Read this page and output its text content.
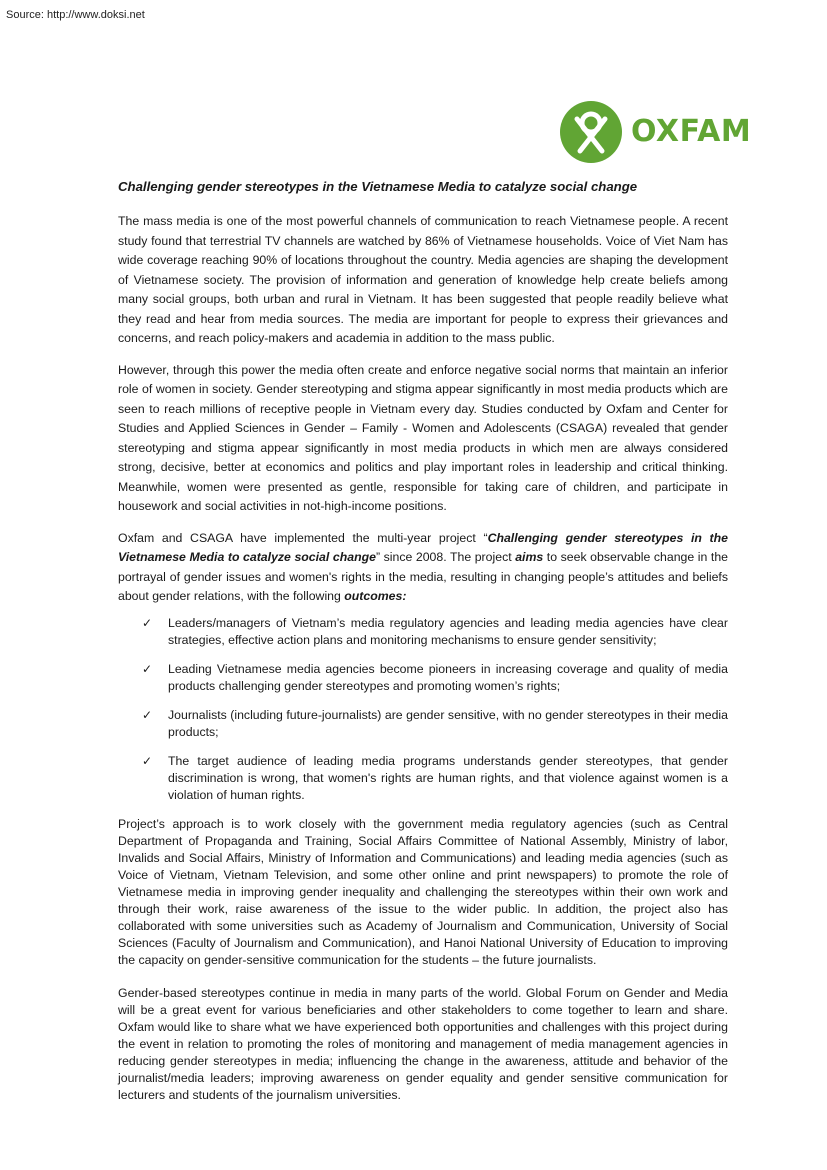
Source: http://www.doksi.net
OXFAM
Challenging gender stereotypes in the Vietnamese Media to catalyze social change

The mass media is one of the most powerful channels of communication to reach Vietnamese people. A recent study found that terrestrial TV channels are watched by 86% of Vietnamese households. Voice of Viet Nam has wide coverage reaching 90% of locations throughout the country. Media agencies are shaping the development of Vietnamese society. The provision of information and generation of knowledge help create beliefs among many social groups, both urban and rural in Vietnam. It has been suggested that people readily believe what they read and hear from media sources. The media are important for people to express their grievances and concerns, and reach policy-makers and academia in addition to the mass public.

However, through this power the media often create and enforce negative social norms that maintain an inferior role of women in society. Gender stereotyping and stigma appear significantly in most media products which are seen to reach millions of receptive people in Vietnam every day. Studies conducted by Oxfam and Center for Studies and Applied Sciences in Gender – Family - Women and Adolescents (CSAGA) revealed that gender stereotyping and stigma appear significantly in most media products in which men are always considered strong, decisive, better at economics and politics and play important roles in leadership and critical thinking. Meanwhile, women were presented as gentle, responsible for taking care of children, and participate in housework and social activities in not-high-income positions.

Oxfam and CSAGA have implemented the multi-year project “Challenging gender stereotypes in the Vietnamese Media to catalyze social change” since 2008. The project aims to seek observable change in the portrayal of gender issues and women's rights in the media, resulting in changing people’s attitudes and beliefs about gender relations, with the following outcomes:

✓ Leaders/managers of Vietnam’s media regulatory agencies and leading media agencies have clear strategies, effective action plans and monitoring mechanisms to ensure gender sensitivity;
✓ Leading Vietnamese media agencies become pioneers in increasing coverage and quality of media products challenging gender stereotypes and promoting women’s rights;
✓ Journalists (including future-journalists) are gender sensitive, with no gender stereotypes in their media products;
✓ The target audience of leading media programs understands gender stereotypes, that gender discrimination is wrong, that women's rights are human rights, and that violence against women is a violation of human rights.

Project’s approach is to work closely with the government media regulatory agencies (such as Central Department of Propaganda and Training, Social Affairs Committee of National Assembly, Ministry of labor, Invalids and Social Affairs, Ministry of Information and Communications) and leading media agencies (such as Voice of Vietnam, Vietnam Television, and some other online and print newspapers) to promote the role of Vietnamese media in improving gender inequality and challenging the stereotypes within their own work and through their work, raise awareness of the issue to the wider public. In addition, the project also has collaborated with some universities such as Academy of Journalism and Communication, University of Social Sciences (Faculty of Journalism and Communication), and Hanoi National University of Education to improving the capacity on gender-sensitive communication for the students – the future journalists.

Gender-based stereotypes continue in media in many parts of the world. Global Forum on Gender and Media will be a great event for various beneficiaries and other stakeholders to come together to learn and share. Oxfam would like to share what we have experienced both opportunities and challenges with this project during the event in relation to promoting the roles of monitoring and management of media management agencies in reducing gender stereotypes in media; influencing the change in the awareness, attitude and behavior of the journalist/media leaders; improving awareness on gender equality and gender sensitive communication for lecturers and students of the journalism universities.
